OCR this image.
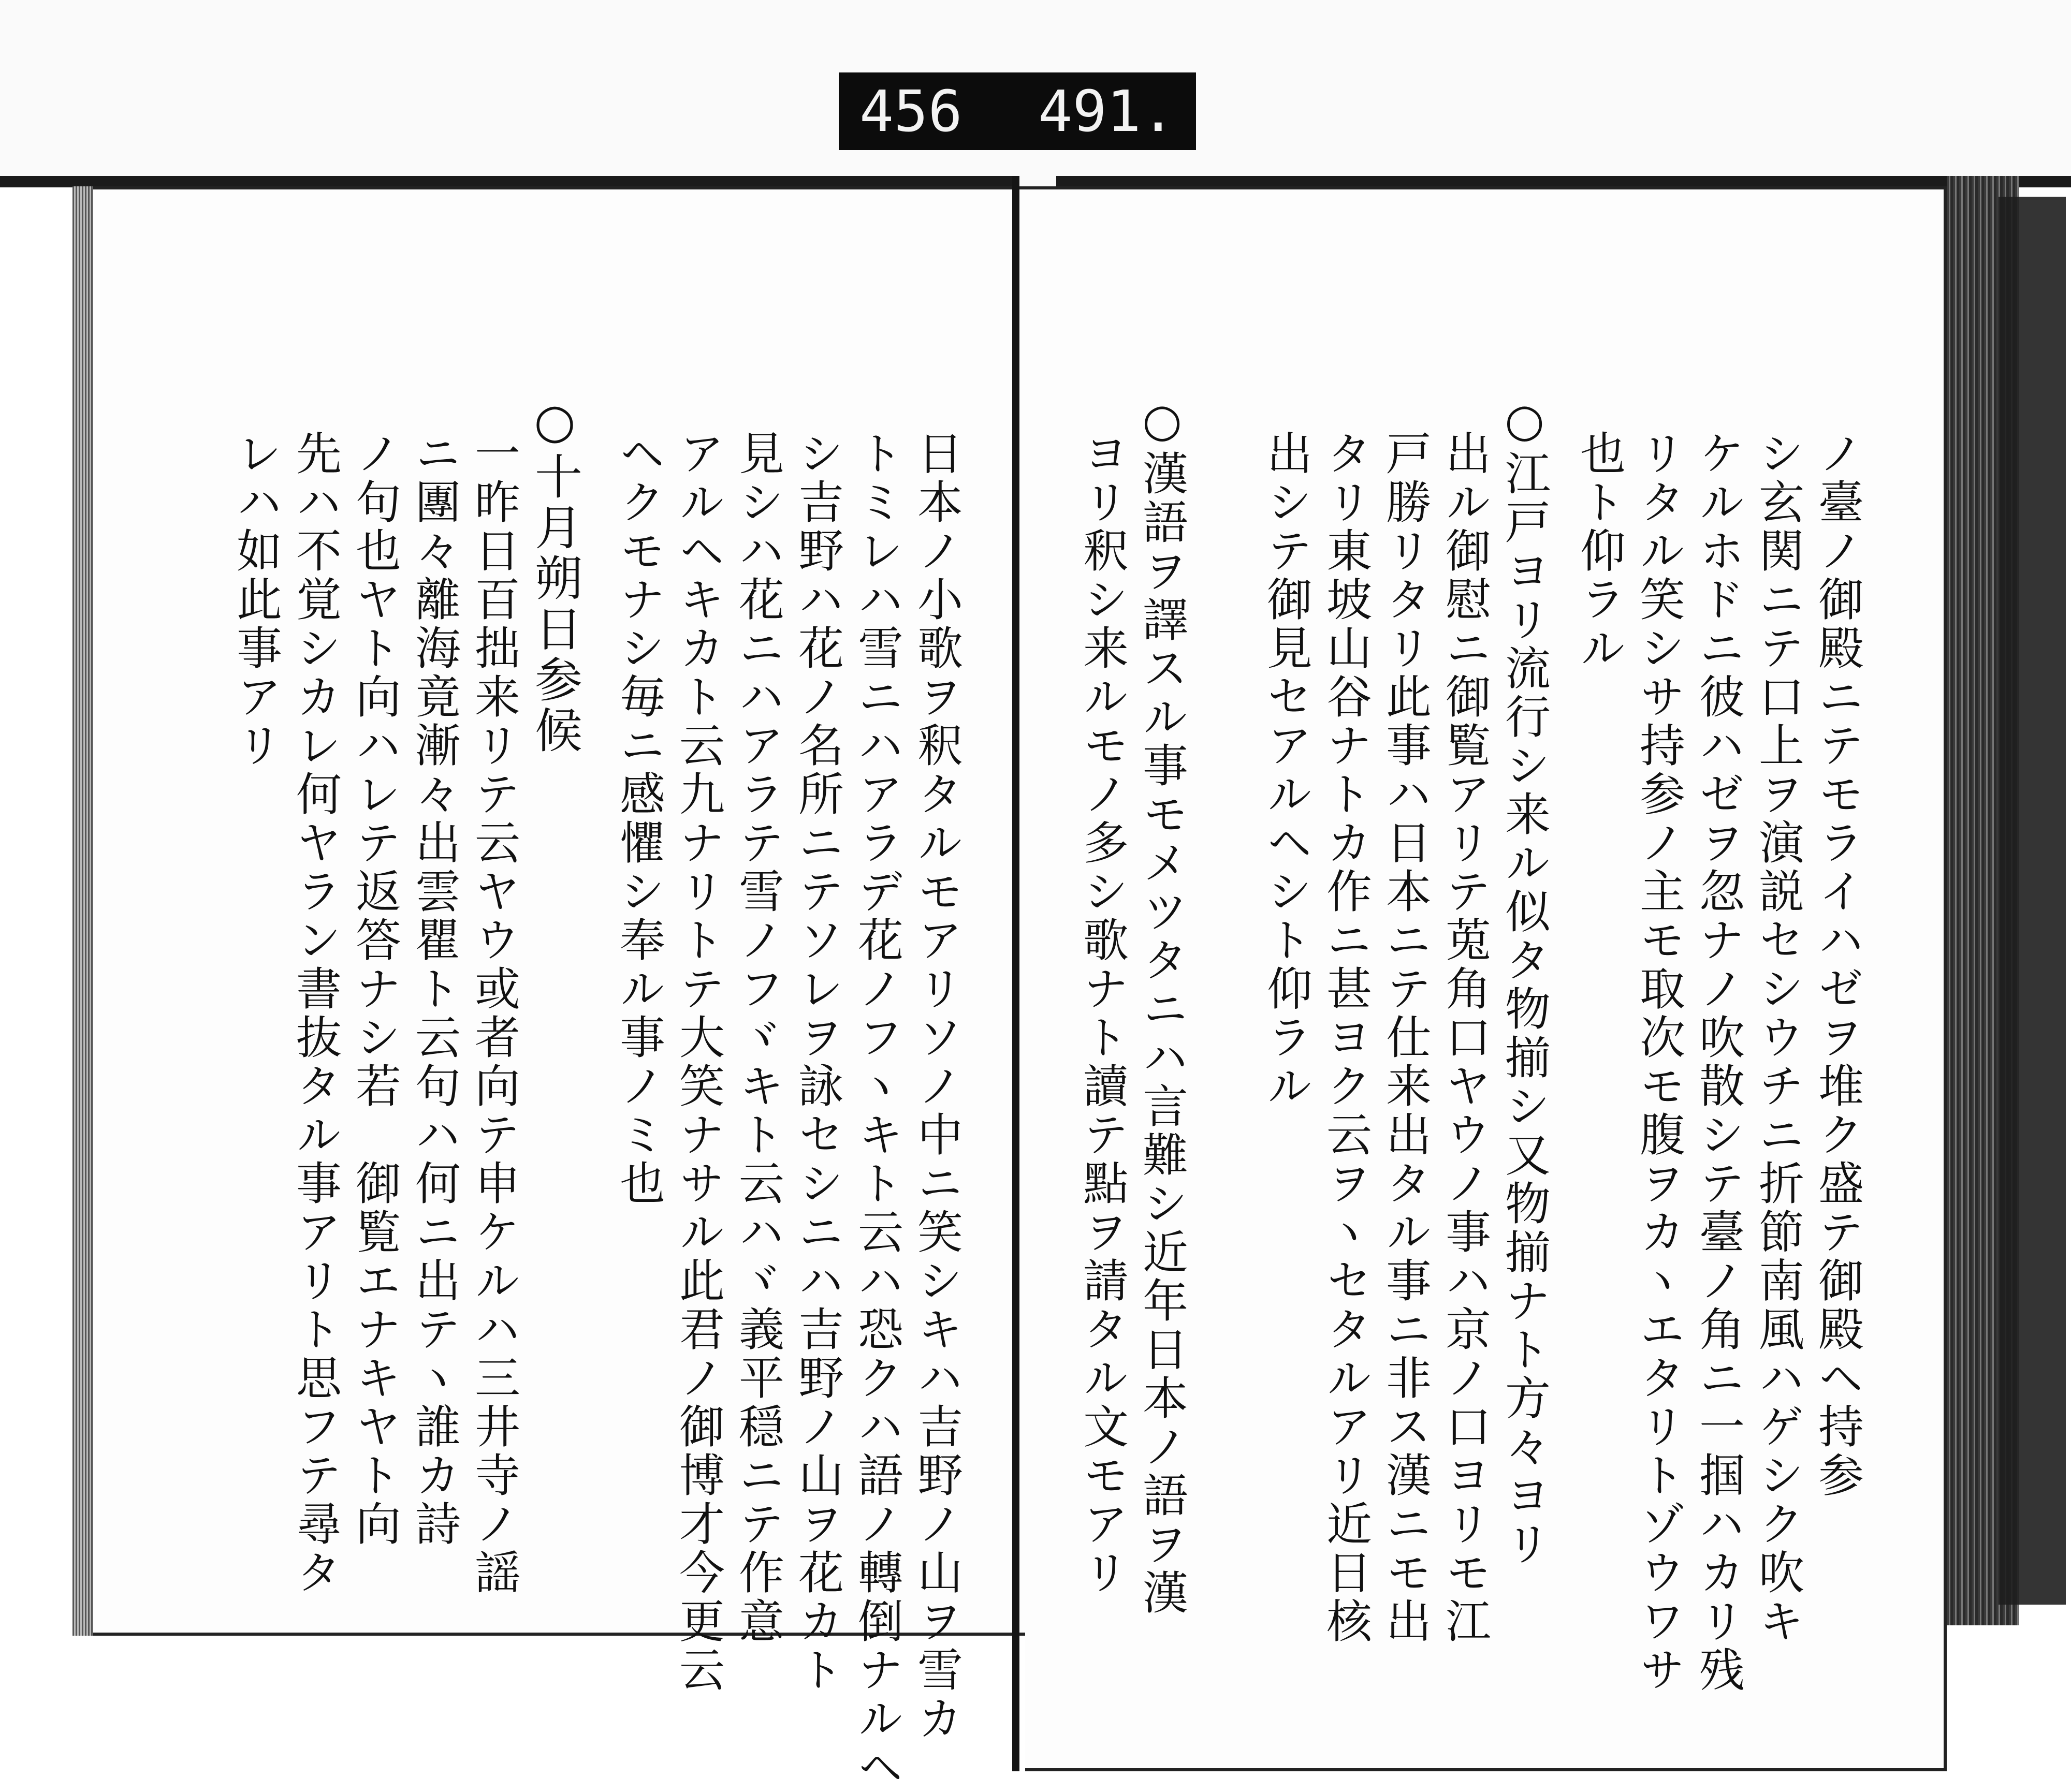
456 491.
ノ臺ノ御殿ニテモライハゼヲ堆ク盛テ御殿ヘ持参
シ玄関ニテ口上ヲ演説セシウチニ折節南風ハゲシク吹キ
ケルホドニ彼ハゼヲ忽ナノ吹散シテ臺ノ角ニ一掴ハカリ残
リタル笑シサ持参ノ主モ取次モ腹ヲカヽエタリトゾウワサ
也ト仰ラル
○江戸ヨリ流行シ来ル似タ物揃シ又物揃ナト方々ヨリ
出ル御慰ニ御覧アリテ莵角口ヤウノ事ハ京ノ口ヨリモ江
戸勝リタリ此事ハ日本ニテ仕来出タル事ニ非ス漢ニモ出
タリ東坡山谷ナトカ作ニ甚ヨク云ヲヽセタルアリ近日核
出シテ御見セアルヘシト仰ラル
○漢語ヲ譯スル事モメツタニハ言難シ近年日本ノ語ヲ漢
ヨリ釈シ来ルモノ多シ歌ナト讀テ點ヲ請タル文モアリ
日本ノ小歌ヲ釈タルモアリソノ中ニ笑シキハ吉野ノ山ヲ雪カ
トミレハ雪ニハアラデ花ノフヽキト云ハ恐クハ語ノ轉倒ナルヘ
シ吉野ハ花ノ名所ニテソレヲ詠セシニハ吉野ノ山ヲ花カト
見シハ花ニハアラテ雪ノフヾキト云ハヾ義平穏ニテ作意
アルヘキカト云九ナリトテ大笑ナサル此君ノ御博才今更云
ヘクモナシ毎ニ感懼シ奉ル事ノミ也
○十月朔日参候
一昨日百拙来リテ云ヤウ或者向テ申ケルハ三井寺ノ謡
ニ團々離海竟漸々出雲瞿ト云句ハ何ニ出テヽ誰カ詩
ノ句也ヤト向ハレテ返答ナシ若　御覧エナキヤト向
先ハ不覚シカレ何ヤラン書抜タル事アリト思フテ尋タ
レハ如此事アリ
